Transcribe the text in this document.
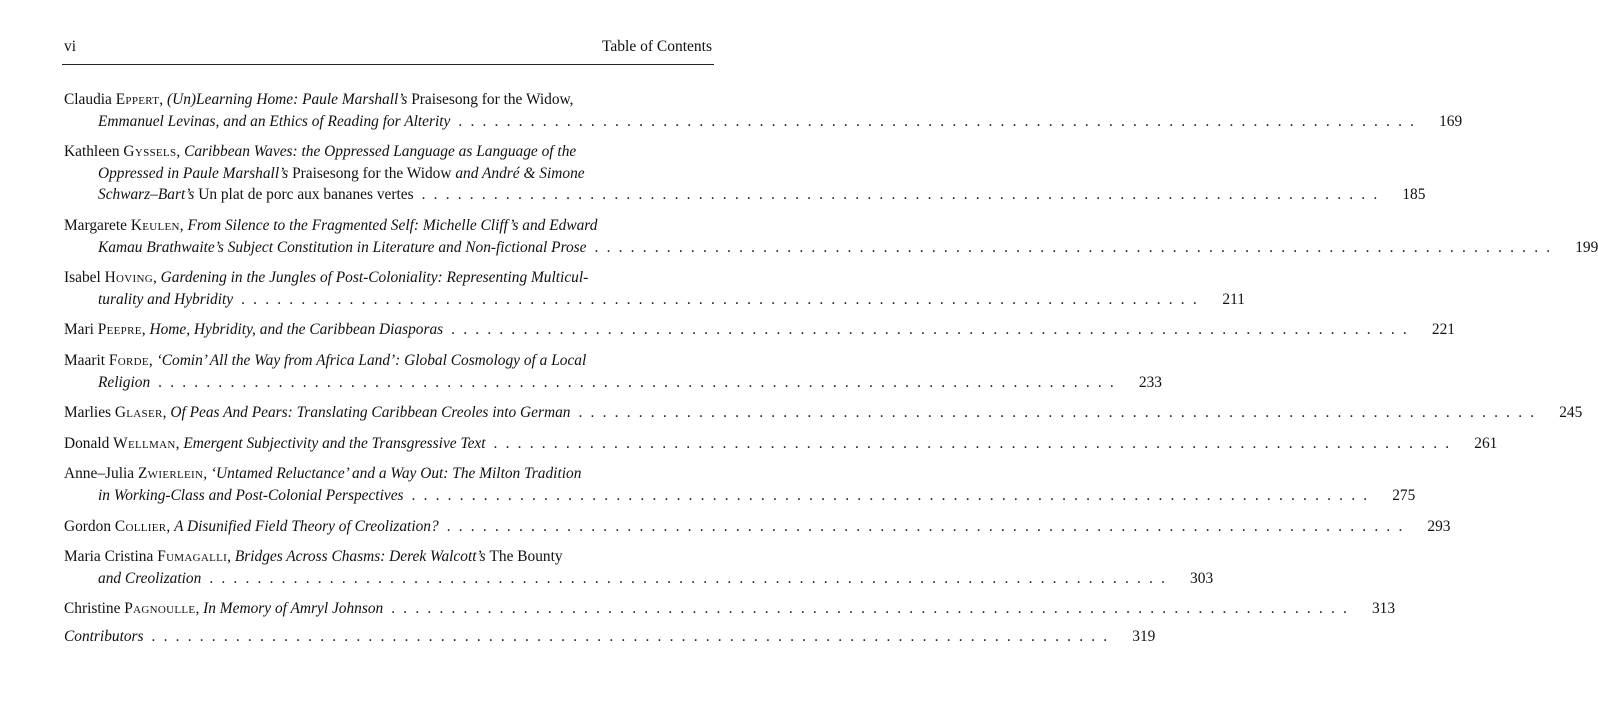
vi	Table of Contents
Claudia Eppert, (Un)Learning Home: Paule Marshall’s Praisesong for the Widow,
Emmanuel Levinas, and an Ethics of Reading for Alterity ................................................................................	169
Kathleen Gyssels, Caribbean Waves: the Oppressed Language as Language of the
Oppressed in Paule Marshall’s Praisesong for the Widow and André & Simone
Schwarz–Bart’s Un plat de porc aux bananes vertes ................................................................................	185
Margarete Keulen, From Silence to the Fragmented Self: Michelle Cliff’s and Edward
Kamau Brathwaite’s Subject Constitution in Literature and Non-fictional Prose ................................................................................	199
Isabel Hoving, Gardening in the Jungles of Post-Coloniality: Representing Multicul-
turality and Hybridity ................................................................................	211
Mari Peepre, Home, Hybridity, and the Caribbean Diasporas ................................................................................	221
Maarit Forde, ‘Comin’ All the Way from Africa Land’: Global Cosmology of a Local
Religion ................................................................................	233
Marlies Glaser, Of Peas And Pears: Translating Caribbean Creoles into German ................................................................................	245
Donald Wellman, Emergent Subjectivity and the Transgressive Text ................................................................................	261
Anne–Julia Zwierlein, ‘Untamed Reluctance’ and a Way Out: The Milton Tradition
in Working-Class and Post-Colonial Perspectives ................................................................................	275
Gordon Collier, A Disunified Field Theory of Creolization? ................................................................................	293
Maria Cristina Fumagalli, Bridges Across Chasms: Derek Walcott’s The Bounty
and Creolization ................................................................................	303
Christine Pagnoulle, In Memory of Amryl Johnson ................................................................................	313
Contributors ................................................................................	319
